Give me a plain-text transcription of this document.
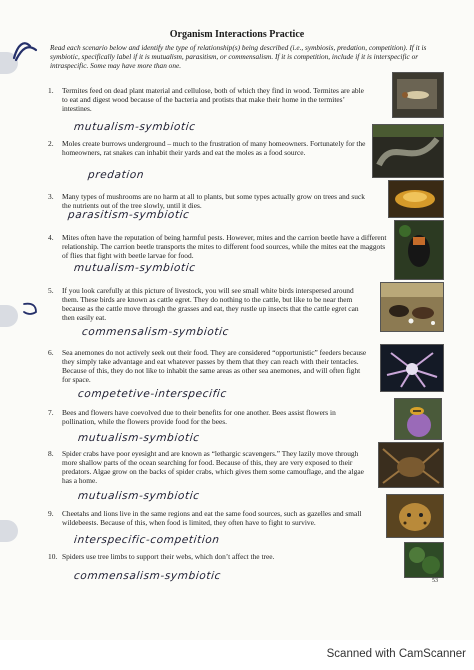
Organism Interactions Practice
Read each scenario below and identify the type of relationship(s) being described (i.e., symbiosis, predation, competition). If it is symbiotic, specifically label if it is mutualism, parasitism, or commensalism. If it is competition, include if it is interspecific or intraspecific. Some may have more than one.
1. Termites feed on dead plant material and cellulose, both of which they find in wood. Termites are able to eat and digest wood because of the bacteria and protists that make their home in the termites’ intestines.
mutualism-symbiotic
2. Moles create burrows underground – much to the frustration of many homeowners. Fortunately for the homeowners, rat snakes can inhabit their yards and eat the moles as a food source.
predation
3. Many types of mushrooms are no harm at all to plants, but some types actually grow on trees and suck the nutrients out of the tree slowly, until it dies.
parasitism-symbiotic
4. Mites often have the reputation of being harmful pests. However, mites and the carrion beetle have a different relationship. The carrion beetle transports the mites to different food sources, while the mites eat the maggots of flies that fight with beetle larvae for food.
mutualism-symbiotic
5. If you look carefully at this picture of livestock, you will see small white birds interspersed around them. These birds are known as cattle egret. They do nothing to the cattle, but like to be near them because as the cattle move through the grasses and eat, they rustle up insects that the cattle egret can then easily eat.
commensalism-symbiotic
6. Sea anemones do not actively seek out their food. They are considered “opportunistic” feeders because they simply take advantage and eat whatever passes by them that they can reach with their tentacles. Because of this, they do not like to inhabit the same areas as other sea anemones, and will often fight for space.
competetive-interspecific
7. Bees and flowers have coevolved due to their benefits for one another. Bees assist flowers in pollination, while the flowers provide food for the bees.
mutualism-symbiotic
8. Spider crabs have poor eyesight and are known as “lethargic scavengers.” They lazily move through more shallow parts of the ocean searching for food. Because of this, they are very exposed to their predators. Algae grow on the backs of spider crabs, which gives them some camouflage, and the algae has a home.
mutualism-symbiotic
9. Cheetahs and lions live in the same regions and eat the same food sources, such as gazelles and small wildebeests. Because of this, when food is limited, they often have to fight to survive.
interspecific-competition
10. Spiders use tree limbs to support their webs, which don’t affect the tree.
commensalism-symbiotic	53
Scanned with CamScanner
